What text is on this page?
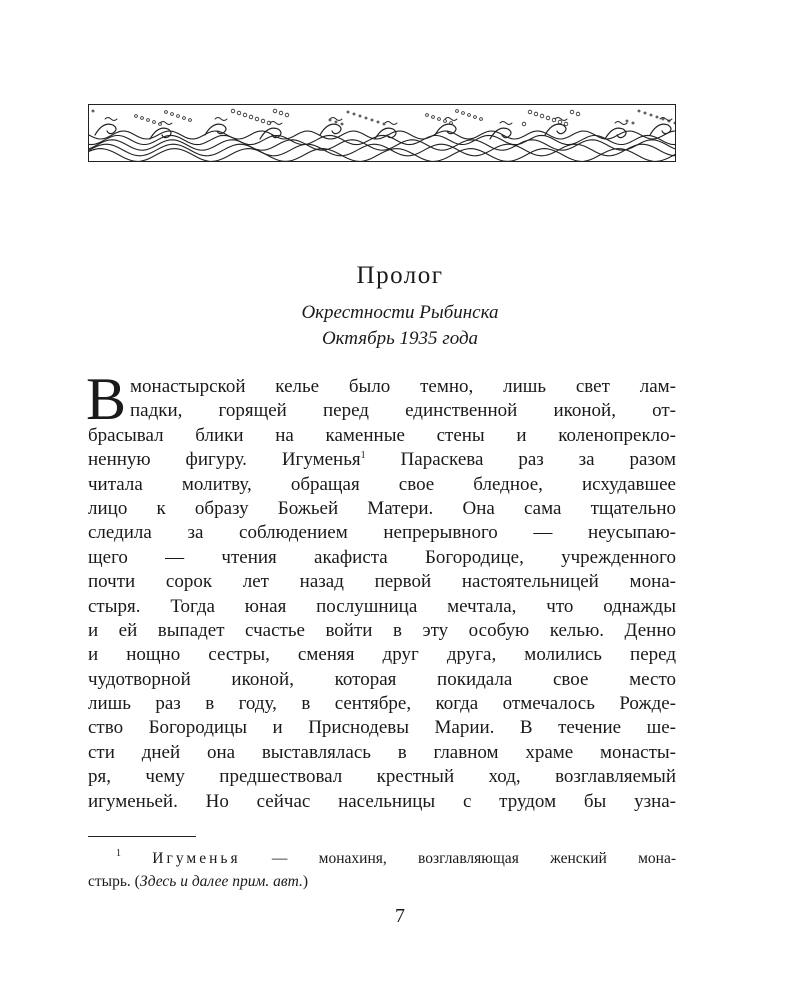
Пролог
Окрестности Рыбинска
Октябрь 1935 года
В монастырской келье было темно, лишь свет лам-
падки, горящей перед единственной иконой, от-
брасывал блики на каменные стены и коленопрекло-
ненную фигуру. Игуменья$^1$ Параскева раз за разом
читала молитву, обращая свое бледное, исхудавшее
лицо к образу Божьей Матери. Она сама тщательно
следила за соблюдением непрерывного — неусыпаю-
щего — чтения акафиста Богородице, учрежденного
почти сорок лет назад первой настоятельницей мона-
стыря. Тогда юная послушница мечтала, что однажды
и ей выпадет счастье войти в эту особую келью. Денно
и нощно сестры, сменяя друг друга, молились перед
чудотворной иконой, которая покидала свое место
лишь раз в году, в сентябре, когда отмечалось Рожде-
ство Богородицы и Приснодевы Марии. В течение ше-
сти дней она выставлялась в главном храме монасты-
ря, чему предшествовал крестный ход, возглавляемый
игуменьей. Но сейчас насельницы с трудом бы узна-
$^1$ Игуменья — монахиня, возглавляющая женский мона-
стырь. (Здесь и далее прим. авт.)
7
